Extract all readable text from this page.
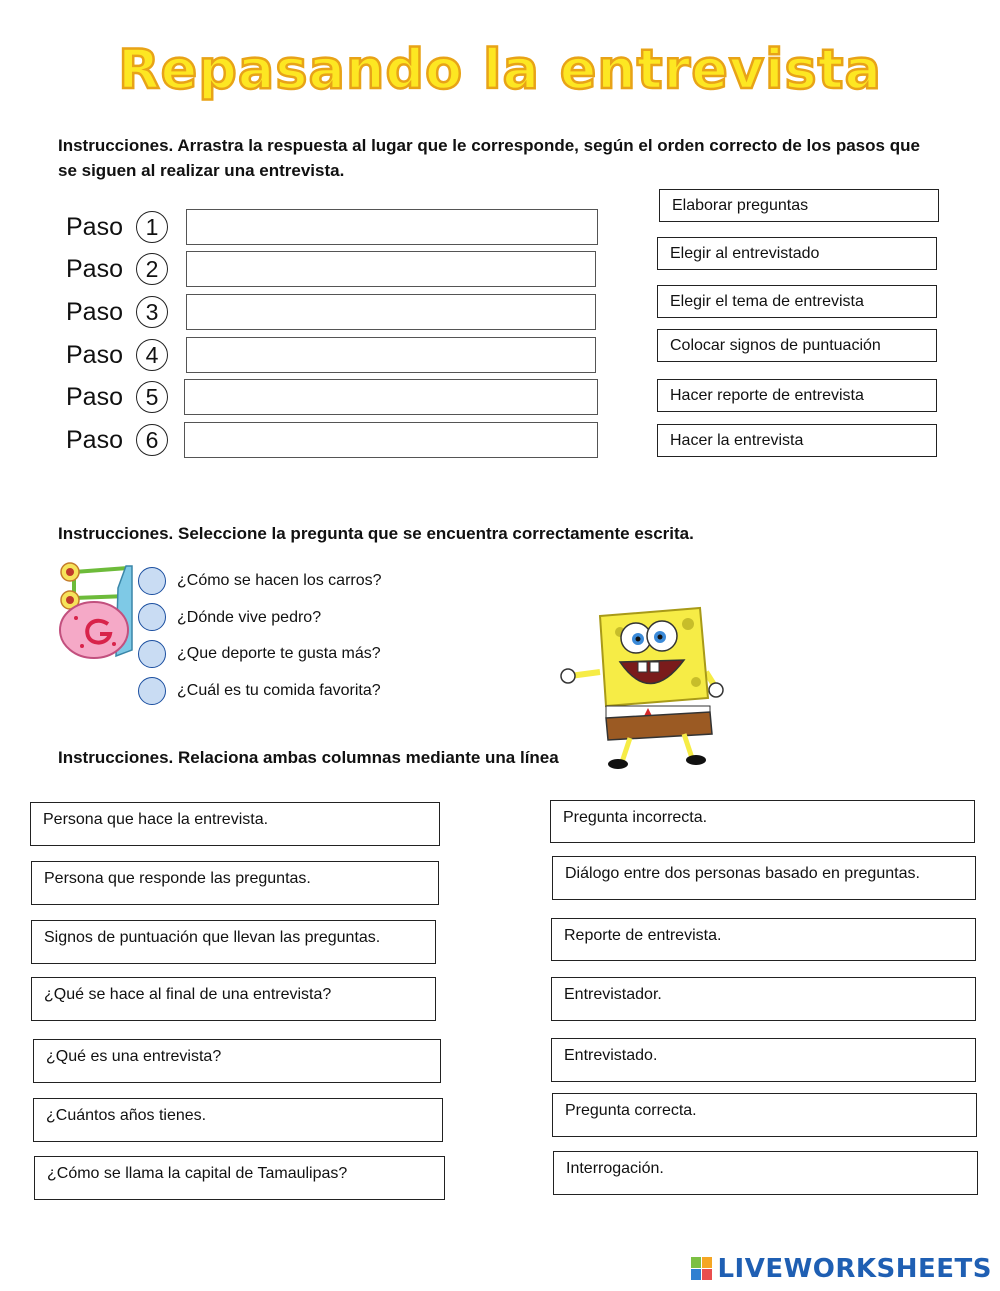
Repasando la entrevista
Instrucciones. Arrastra la respuesta al lugar que le corresponde, según el orden correcto de los pasos que se siguen al realizar una entrevista.
Paso 1
Paso 2
Paso 3
Paso 4
Paso 5
Paso 6
Elaborar preguntas
Elegir al entrevistado
Elegir el tema de entrevista
Colocar signos de puntuación
Hacer reporte de entrevista
Hacer la entrevista
Instrucciones. Seleccione la pregunta que se encuentra correctamente escrita.
¿Cómo se hacen los carros?
¿Dónde vive pedro?
¿Que deporte te gusta más?
¿Cuál es tu comida favorita?
Instrucciones. Relaciona ambas columnas mediante una línea
Persona que hace la entrevista.
Persona que responde las preguntas.
Signos de puntuación que llevan las preguntas.
¿Qué se hace al final de una entrevista?
¿Qué es una entrevista?
¿Cuántos años tienes.
¿Cómo se llama la capital de Tamaulipas?
Pregunta incorrecta.
Diálogo entre dos personas basado en preguntas.
Reporte de entrevista.
Entrevistador.
Entrevistado.
Pregunta correcta.
Interrogación.
LIVEWORKSHEETS
